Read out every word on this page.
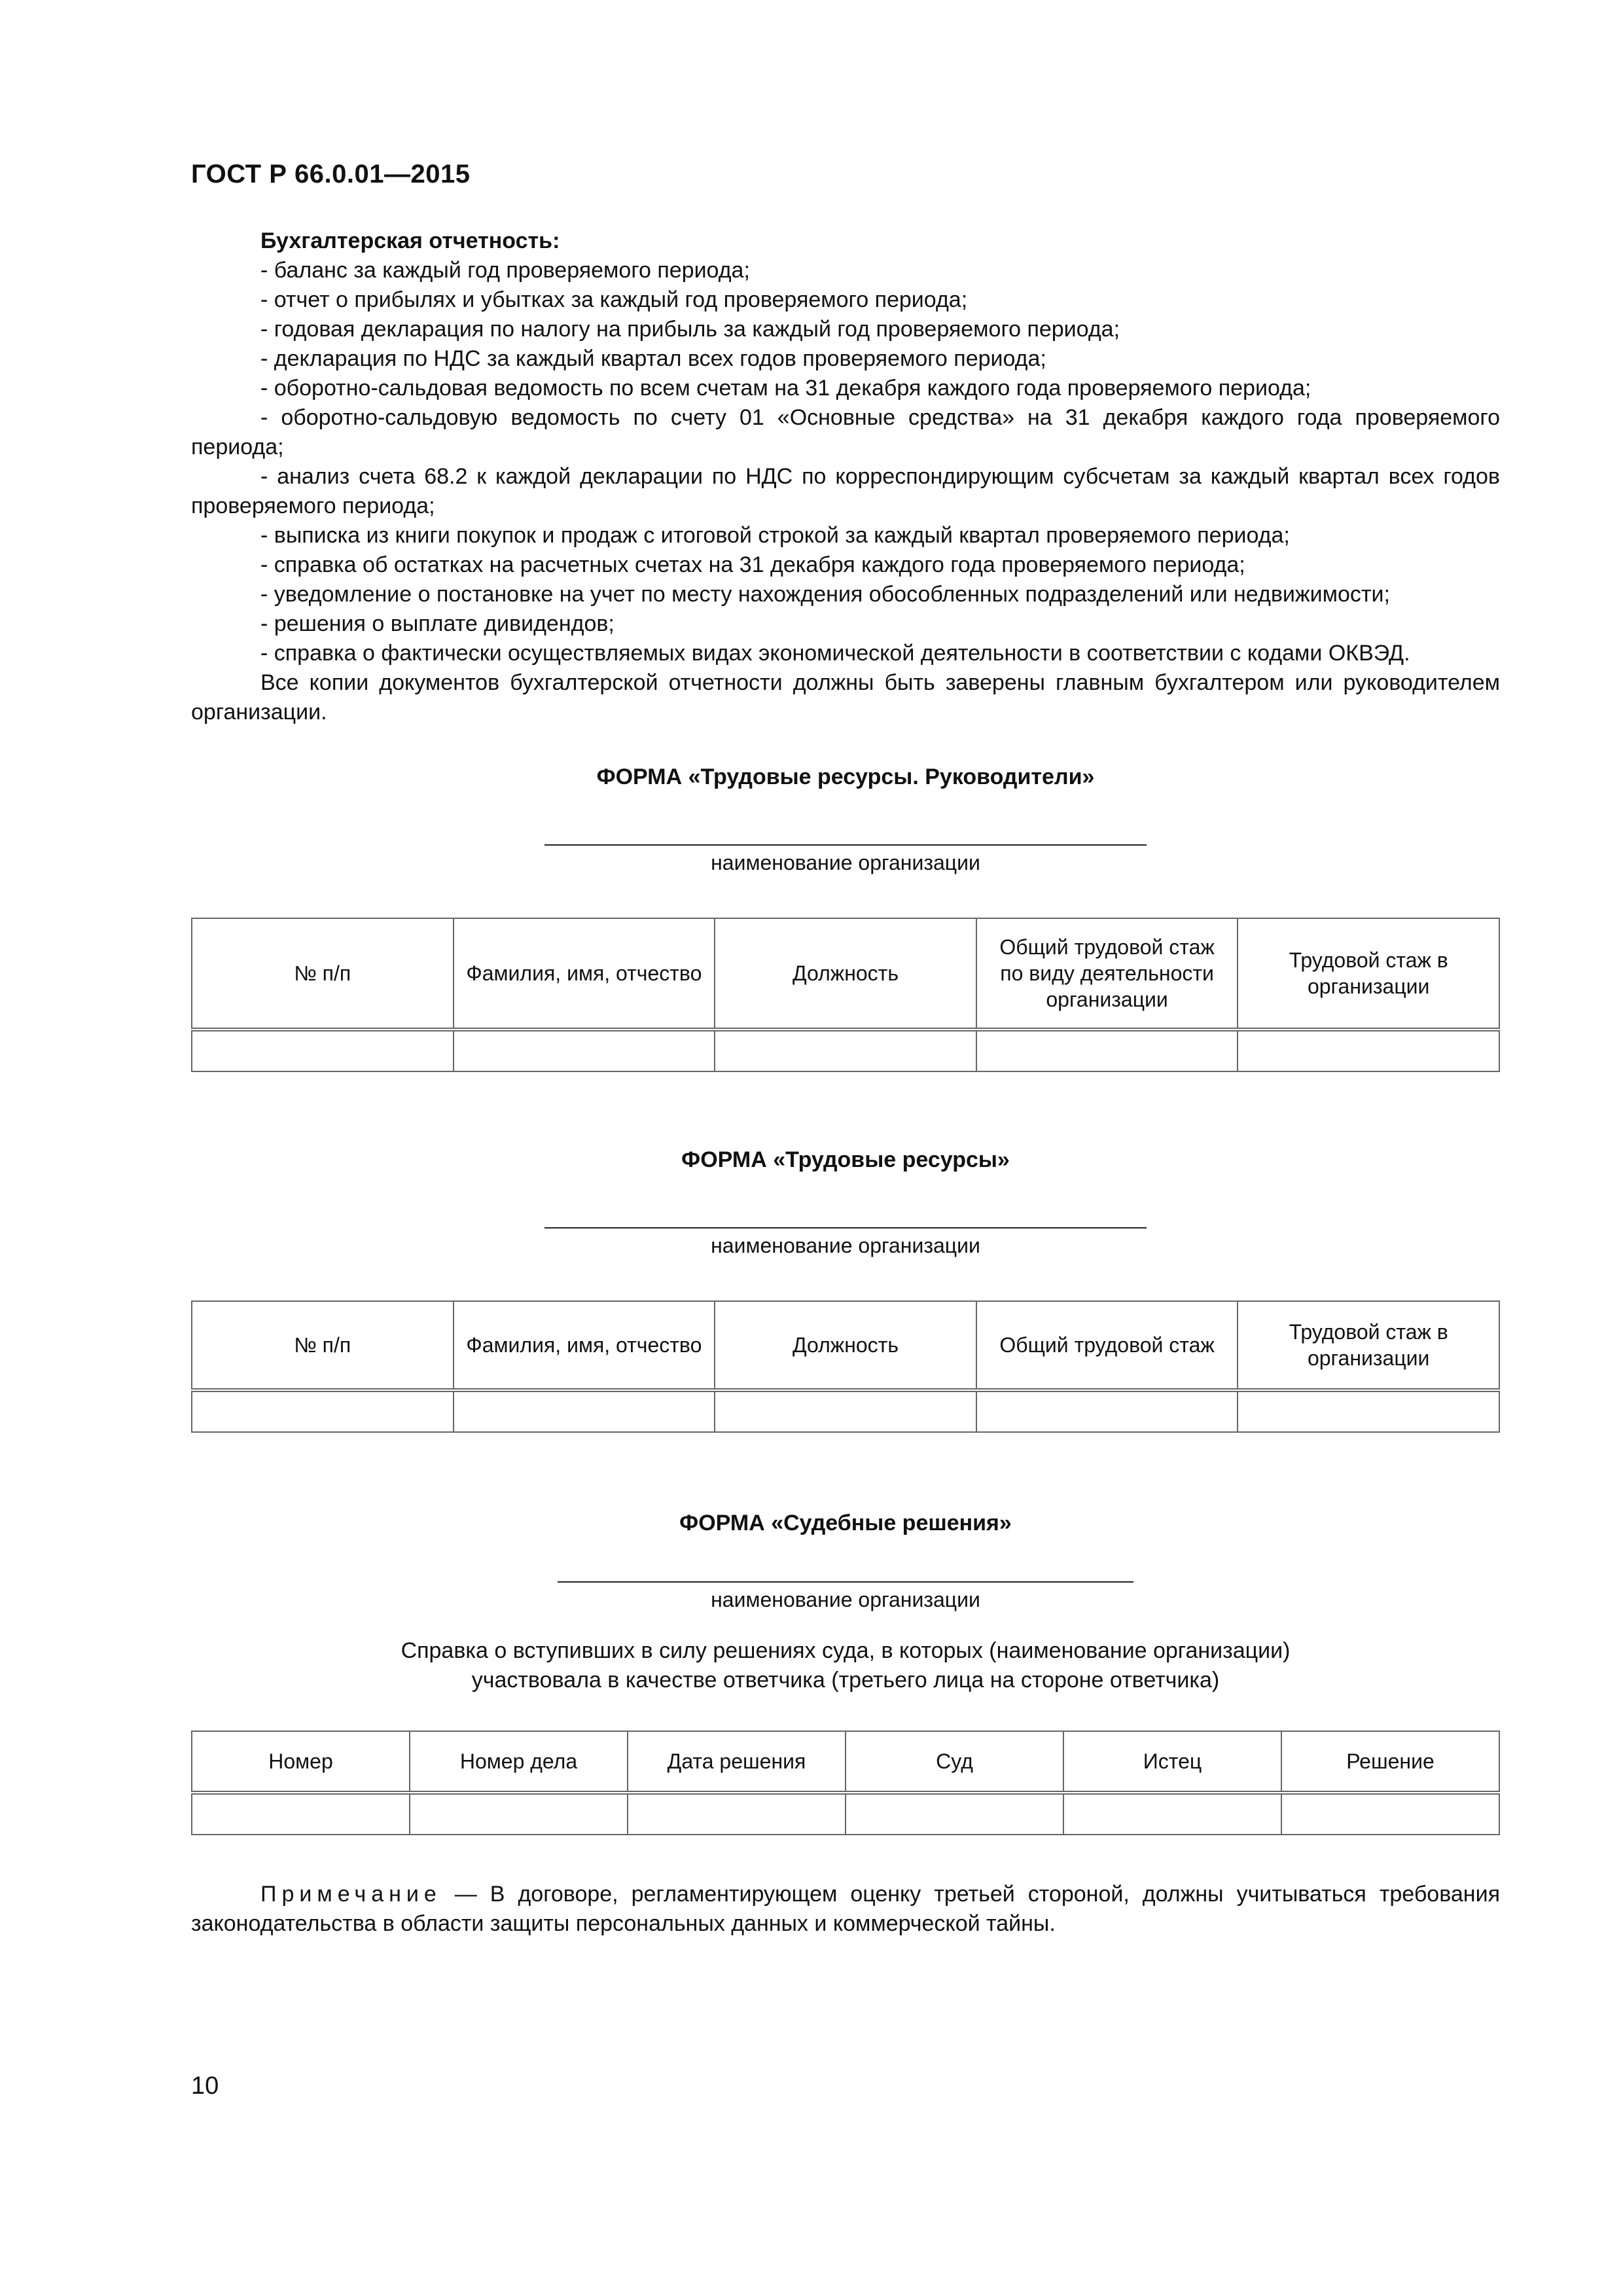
ГОСТ Р 66.0.01—2015

Бухгалтерская отчетность:

- баланс за каждый год проверяемого периода;

- отчет о прибылях и убытках за каждый год проверяемого периода;

- годовая декларация по налогу на прибыль за каждый год проверяемого периода;

- декларация по НДС за каждый квартал всех годов проверяемого периода;

- оборотно-сальдовая ведомость по всем счетам на 31 декабря каждого года проверяемого периода;

- оборотно-сальдовую ведомость по счету 01 «Основные средства» на 31 декабря каждого года проверяемого периода;

- анализ счета 68.2 к каждой декларации по НДС по корреспондирующим субсчетам за каждый квартал всех годов проверяемого периода;

- выписка из книги покупок и продаж с итоговой строкой за каждый квартал проверяемого периода;

- справка об остатках на расчетных счетах на 31 декабря каждого года проверяемого периода;

- уведомление о постановке на учет по месту нахождения обособленных подразделений или недвижимости;

- решения о выплате дивидендов;

- справка о фактически осуществляемых видах экономической деятельности в соответствии с кодами ОКВЭД.

Все копии документов бухгалтерской отчетности должны быть заверены главным бухгалтером или руководителем организации.

ФОРМА «Трудовые ресурсы. Руководители»

наименование организации
№ п/п	Фамилия, имя, отчество	Должность	Общий трудовой стаж по виду деятельности организации	Трудовой стаж в организации

ФОРМА «Трудовые ресурсы»

наименование организации
№ п/п	Фамилия, имя, отчество	Должность	Общий трудовой стаж	Трудовой стаж в организации

ФОРМА «Судебные решения»

наименование организации

Справка о вступивших в силу решениях суда, в которых (наименование организации)

участвовала в качестве ответчика (третьего лица на стороне ответчика)

Номер	Номер дела	Дата решения	Суд	Истец	Решение

Примечание — В договоре, регламентирующем оценку третьей стороной, должны учитываться требования законодательства в области защиты персональных данных и коммерческой тайны.

10
